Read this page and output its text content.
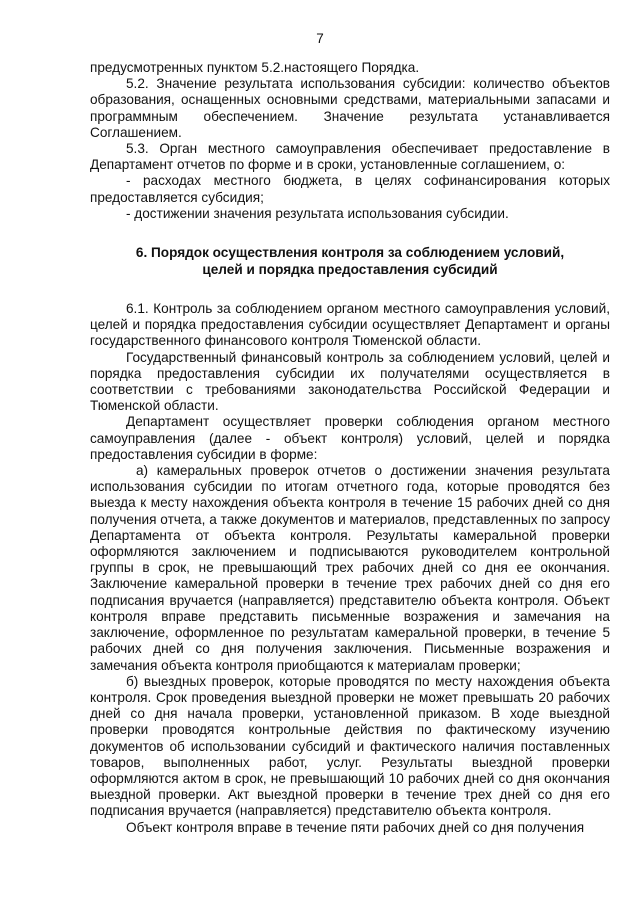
7

предусмотренных пунктом 5.2.настоящего Порядка.

5.2. Значение результата использования субсидии: количество объектов образования, оснащенных основными средствами, материальными запасами и программным обеспечением. Значение результата устанавливается Соглашением.

5.3. Орган местного самоуправления обеспечивает предоставление в Департамент отчетов по форме и в сроки, установленные соглашением, о:

- расходах местного бюджета, в целях софинансирования которых предоставляется субсидия;

- достижении значения результата использования субсидии.

6. Порядок осуществления контроля за соблюдением условий,
целей и порядка предоставления субсидий

6.1. Контроль за соблюдением органом местного самоуправления условий, целей и порядка предоставления субсидии осуществляет Департамент и органы государственного финансового контроля Тюменской области.

Государственный финансовый контроль за соблюдением условий, целей и порядка предоставления субсидии их получателями осуществляется в соответствии с требованиями законодательства Российской Федерации и Тюменской области.

Департамент осуществляет проверки соблюдения органом местного самоуправления (далее - объект контроля) условий, целей и порядка предоставления субсидии в форме:

а) камеральных проверок отчетов о достижении значения результата использования субсидии по итогам отчетного года, которые проводятся без выезда к месту нахождения объекта контроля в течение 15 рабочих дней со дня получения отчета, а также документов и материалов, представленных по запросу Департамента от объекта контроля. Результаты камеральной проверки оформляются заключением и подписываются руководителем контрольной группы в срок, не превышающий трех рабочих дней со дня ее окончания. Заключение камеральной проверки в течение трех рабочих дней со дня его подписания вручается (направляется) представителю объекта контроля. Объект контроля вправе представить письменные возражения и замечания на заключение, оформленное по результатам камеральной проверки, в течение 5 рабочих дней со дня получения заключения. Письменные возражения и замечания объекта контроля приобщаются к материалам проверки;

б) выездных проверок, которые проводятся по месту нахождения объекта контроля. Срок проведения выездной проверки не может превышать 20 рабочих дней со дня начала проверки, установленной приказом. В ходе выездной проверки проводятся контрольные действия по фактическому изучению документов об использовании субсидий и фактического наличия поставленных товаров, выполненных работ, услуг. Результаты выездной проверки оформляются актом в срок, не превышающий 10 рабочих дней со дня окончания выездной проверки. Акт выездной проверки в течение трех дней со дня его подписания вручается (направляется) представителю объекта контроля.

Объект контроля вправе в течение пяти рабочих дней со дня получения
